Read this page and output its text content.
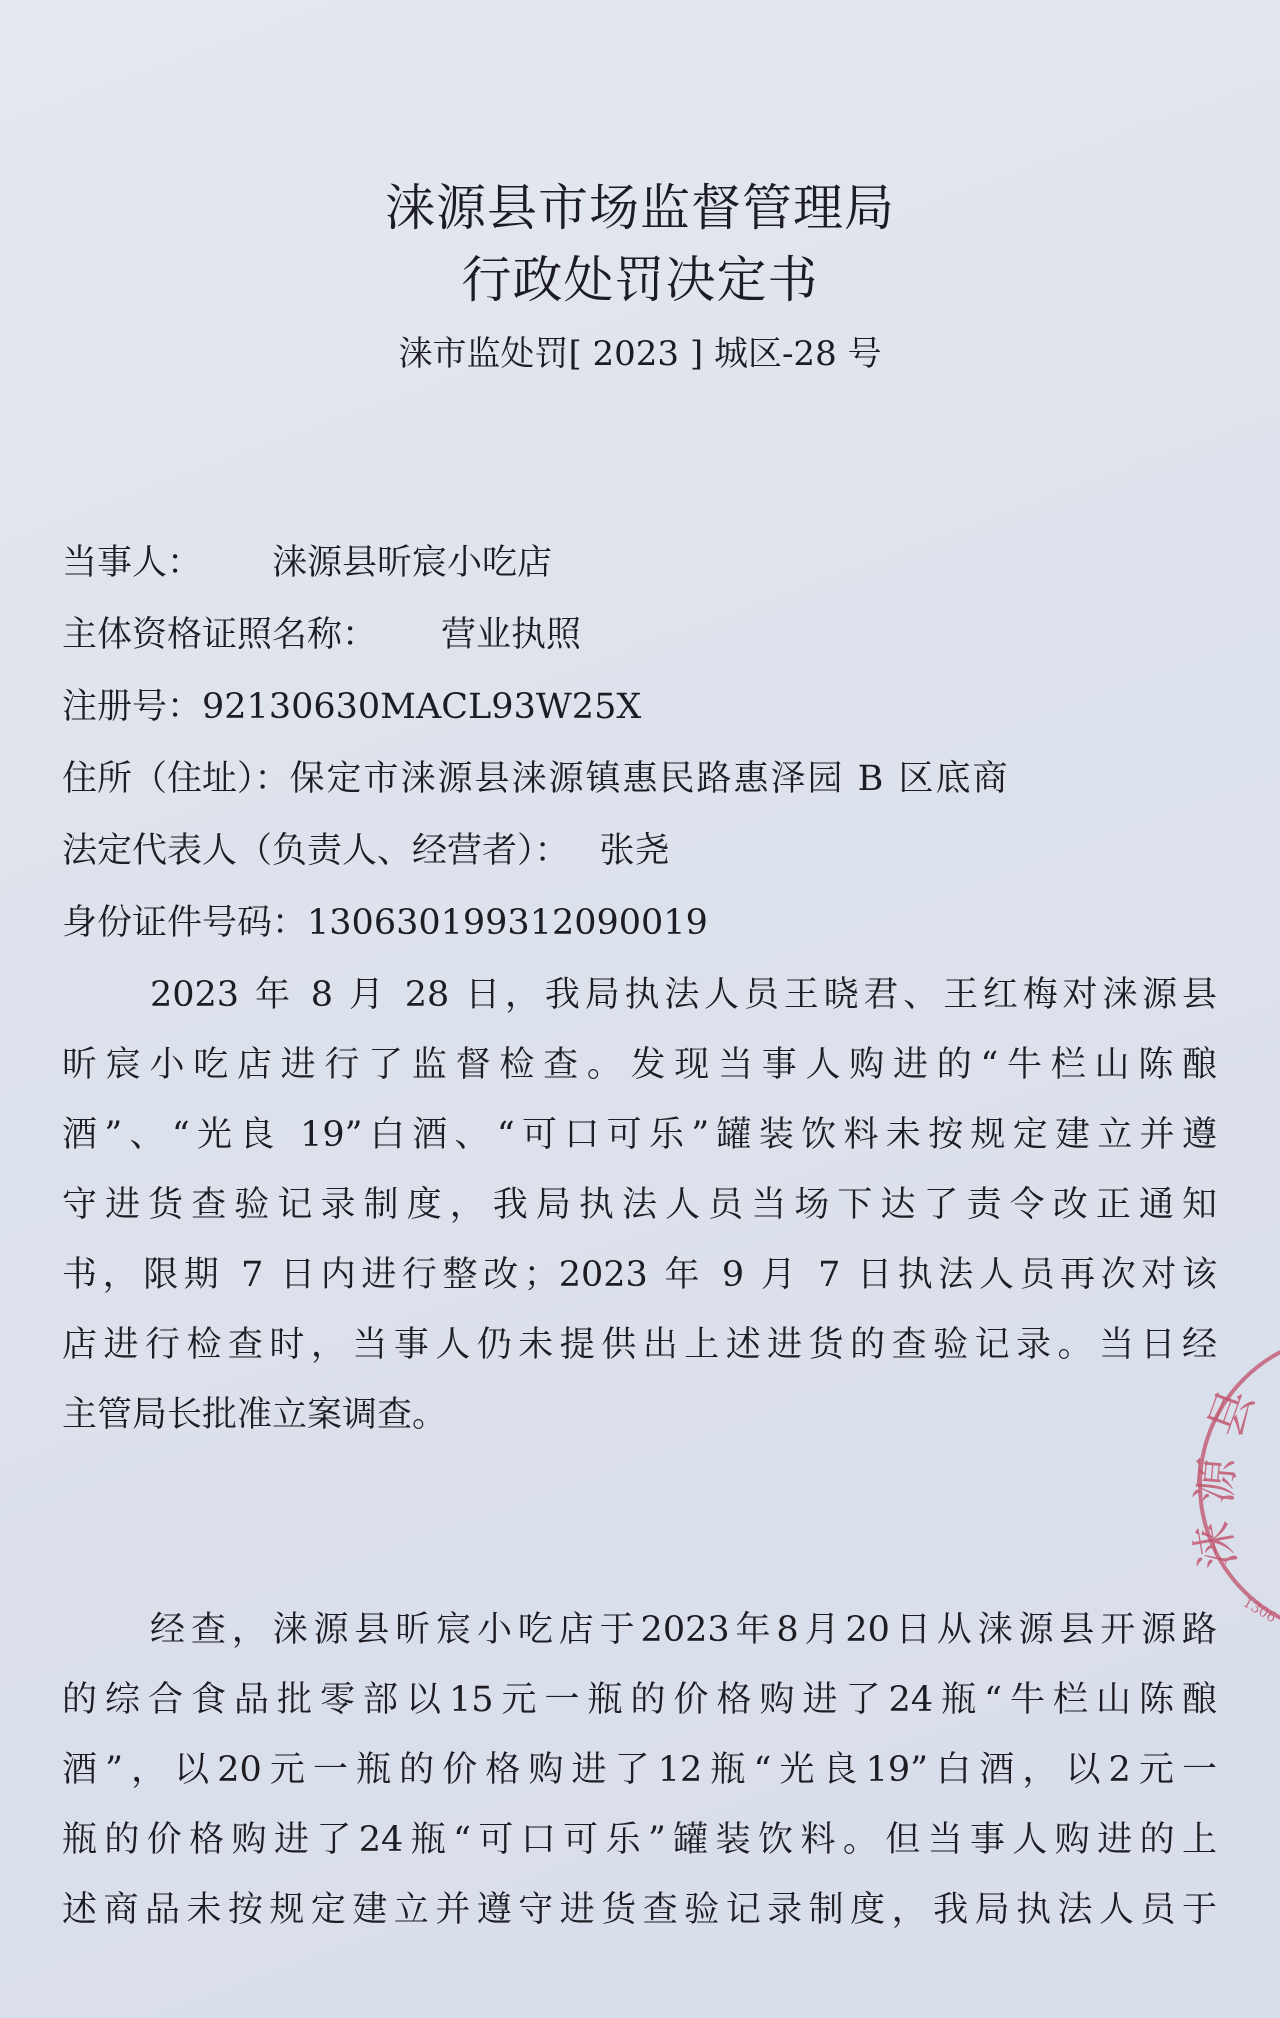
涞源县市场监督管理局
行政处罚决定书
涞市监处罚[ 2023 ] 城区-28 号
当事人： 涞源县昕宸小吃店
主体资格证照名称： 营业执照
注册号：92130630MACL93W25X
住所（住址）：保定市涞源县涞源镇惠民路惠泽园 B 区底商
法定代表人（负责人、经营者）： 张尧
身份证件号码：130630199312090019
2023 年 8 月 28 日，我局执法人员王晓君、王红梅对涞源县
昕宸小吃店进行了监督检查。发现当事人购进的“牛栏山陈酿
酒”、“光良 19”白酒、“可口可乐”罐装饮料未按规定建立并遵
守进货查验记录制度，我局执法人员当场下达了责令改正通知
书，限期 7 日内进行整改；2023 年 9 月 7 日执法人员再次对该
店进行检查时，当事人仍未提供出上述进货的查验记录。当日经
主管局长批准立案调查。
经查，涞源县昕宸小吃店于2023年8月20日从涞源县开源路
的综合食品批零部以15元一瓶的价格购进了24瓶“牛栏山陈酿
酒”，以20元一瓶的价格购进了12瓶“光良19”白酒，以2元一
瓶的价格购进了24瓶“可口可乐”罐装饮料。但当事人购进的上
述商品未按规定建立并遵守进货查验记录制度，我局执法人员于
县
源
涞
1306
